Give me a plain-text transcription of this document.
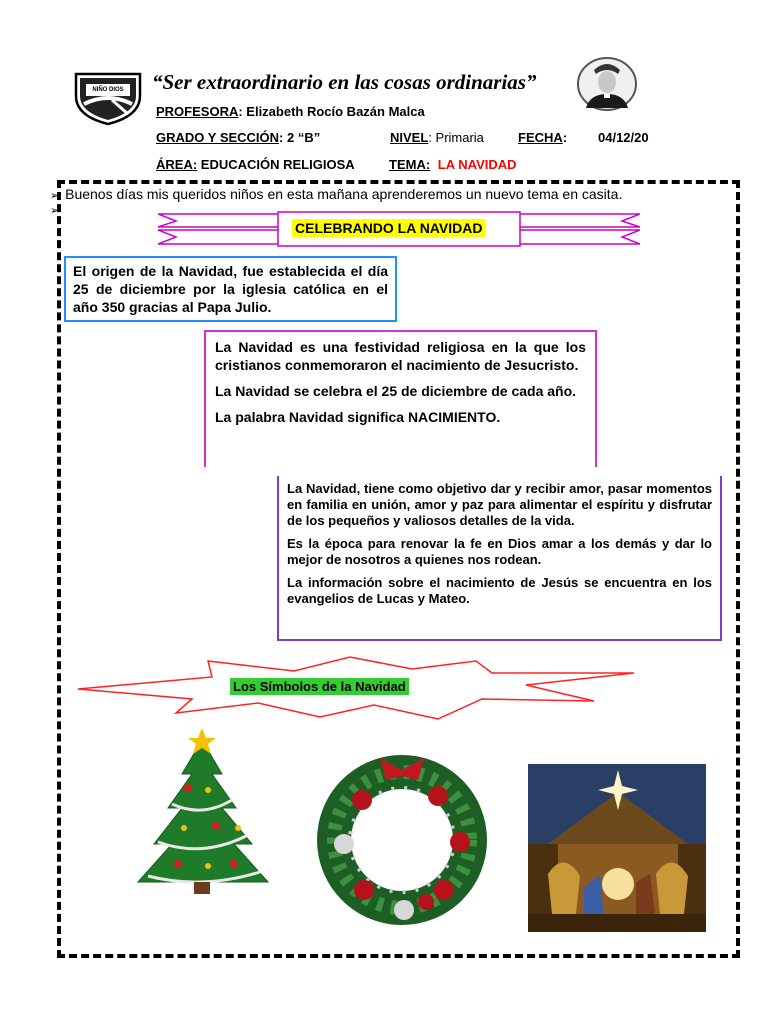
NIÑO DIOS “Ser extraordinario en las cosas ordinarias”
PROFESORA: Elizabeth Rocío Bazán Malca
GRADO Y SECCIÓN: 2 “B”	NIVEL: Primaria	FECHA: 04/12/20
ÁREA: EDUCACIÓN RELIGIOSA	TEMA: LA NAVIDAD
➢ Buenos días mis queridos niños en esta mañana aprenderemos un nuevo tema en casita.
➢
CELEBRANDO LA NAVIDAD
El origen de la Navidad, fue establecida el día 25 de diciembre por la iglesia católica en el año 350 gracias al Papa Julio.

La Navidad es una festividad religiosa en la que los cristianos conmemoraron el nacimiento de Jesucristo.

La Navidad se celebra el 25 de diciembre de cada año.

La palabra Navidad significa NACIMIENTO.

La Navidad, tiene como objetivo dar y recibir amor, pasar momentos en familia en unión, amor y paz para alimentar el espíritu y disfrutar de los pequeños y valiosos detalles de la vida.

Es la época para renovar la fe en Dios amar a los demás y dar lo mejor de nosotros a quienes nos rodean.

La información sobre el nacimiento de Jesús se encuentra en los evangelios de Lucas y Mateo.

Los Símbolos de la Navidad
